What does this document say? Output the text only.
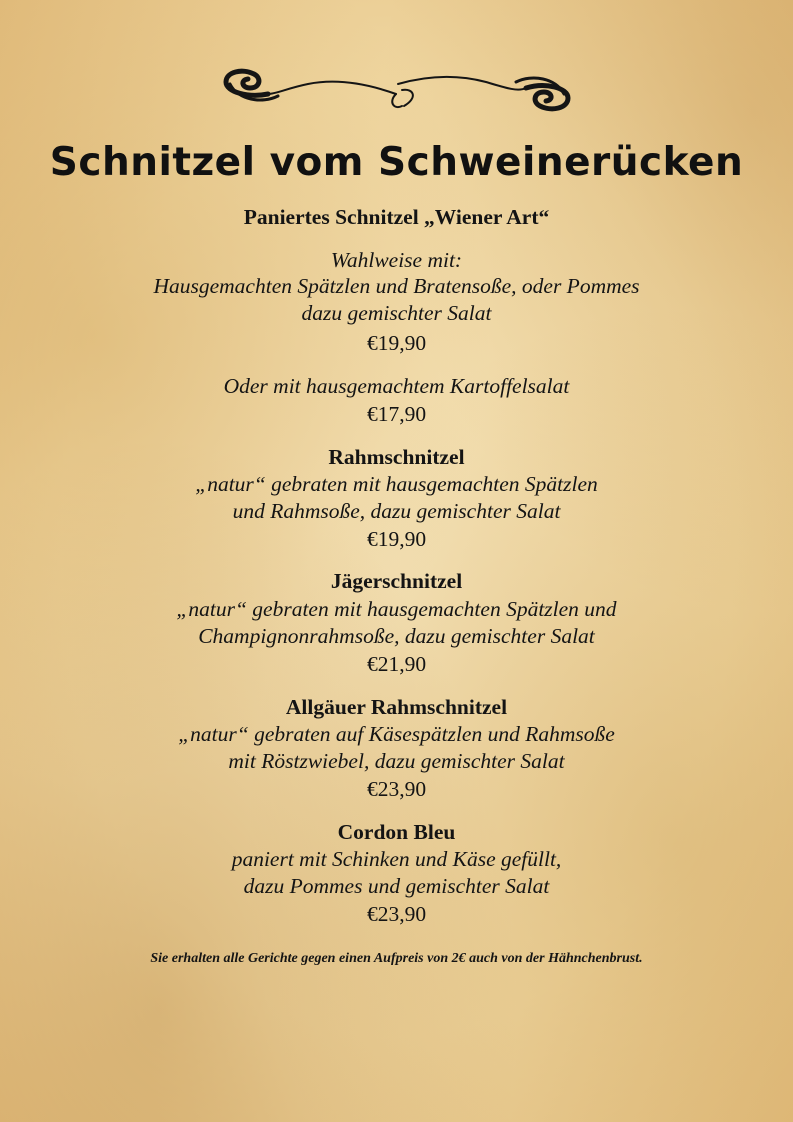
Schnitzel vom Schweinerücken
Paniertes Schnitzel „Wiener Art“
Wahlweise mit:
Hausgemachten Spätzlen und Bratensoße, oder Pommes
dazu gemischter Salat
€19,90
Oder mit hausgemachtem Kartoffelsalat
€17,90
Rahmschnitzel
„natur“ gebraten mit hausgemachten Spätzlen
und Rahmsoße, dazu gemischter Salat
€19,90
Jägerschnitzel
„natur“ gebraten mit hausgemachten Spätzlen und
Champignonrahmsoße, dazu gemischter Salat
€21,90
Allgäuer Rahmschnitzel
„natur“ gebraten auf Käsespätzlen und Rahmsoße
mit Röstzwiebel, dazu gemischter Salat
€23,90
Cordon Bleu
paniert mit Schinken und Käse gefüllt,
dazu Pommes und gemischter Salat
€23,90
Sie erhalten alle Gerichte gegen einen Aufpreis von 2€ auch von der Hähnchenbrust.
